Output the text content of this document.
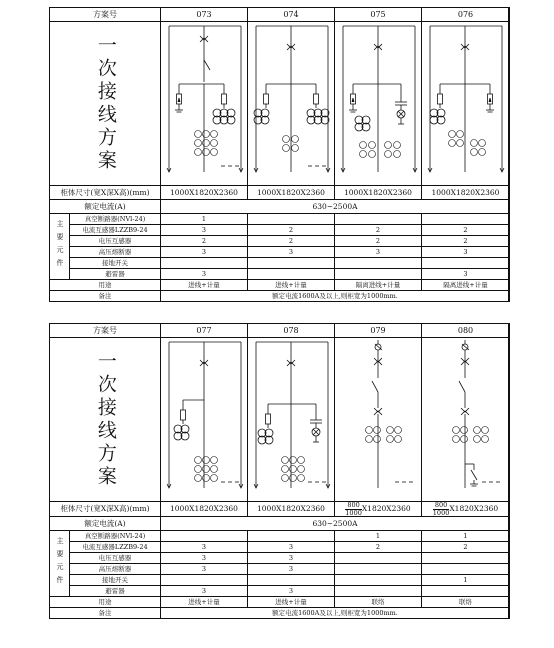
方案号		073	074	075	076

一次接线方案

柜体尺寸(宽X深X高)(mm)		1000X1820X2360	1000X1820X2360	1000X1820X2360	1000X1820X2360
额定电流(A)		630~2500A			
主要元件	真空断路器(NVl-24)	1			
	电流互感器LZZB9-24	3	2	2	2
	电压互感器	2	2	2	2
	高压熔断器	3	3	3	3
	接地开关				
	避雷器	3			3
用途		进线+计量	进线+计量	隔离进线+计量	隔离进线+计量
备注		额定电流1600A及以上,则柜宽为1000mm.			
方案号		077	078	079	080

一次接线方案

柜体尺寸(宽X深X高)(mm)		1000X1820X2360	1000X1820X2360	$\frac{800}{1000} X1820X2360$	$\frac{800}{1000} X1820X2360$
额定电流(A)		630~2500A			
主要元件	真空断路器(NVl-24)			1	1
	电流互感器LZZB9-24	3	3	2	2
	电压互感器	3	3		
	高压熔断器	3	3		
	接地开关				1
	避雷器	3	3		
用途		进线+计量	进线+计量	联络	联络
备注		额定电流1600A及以上,则柜宽为1000mm.			
